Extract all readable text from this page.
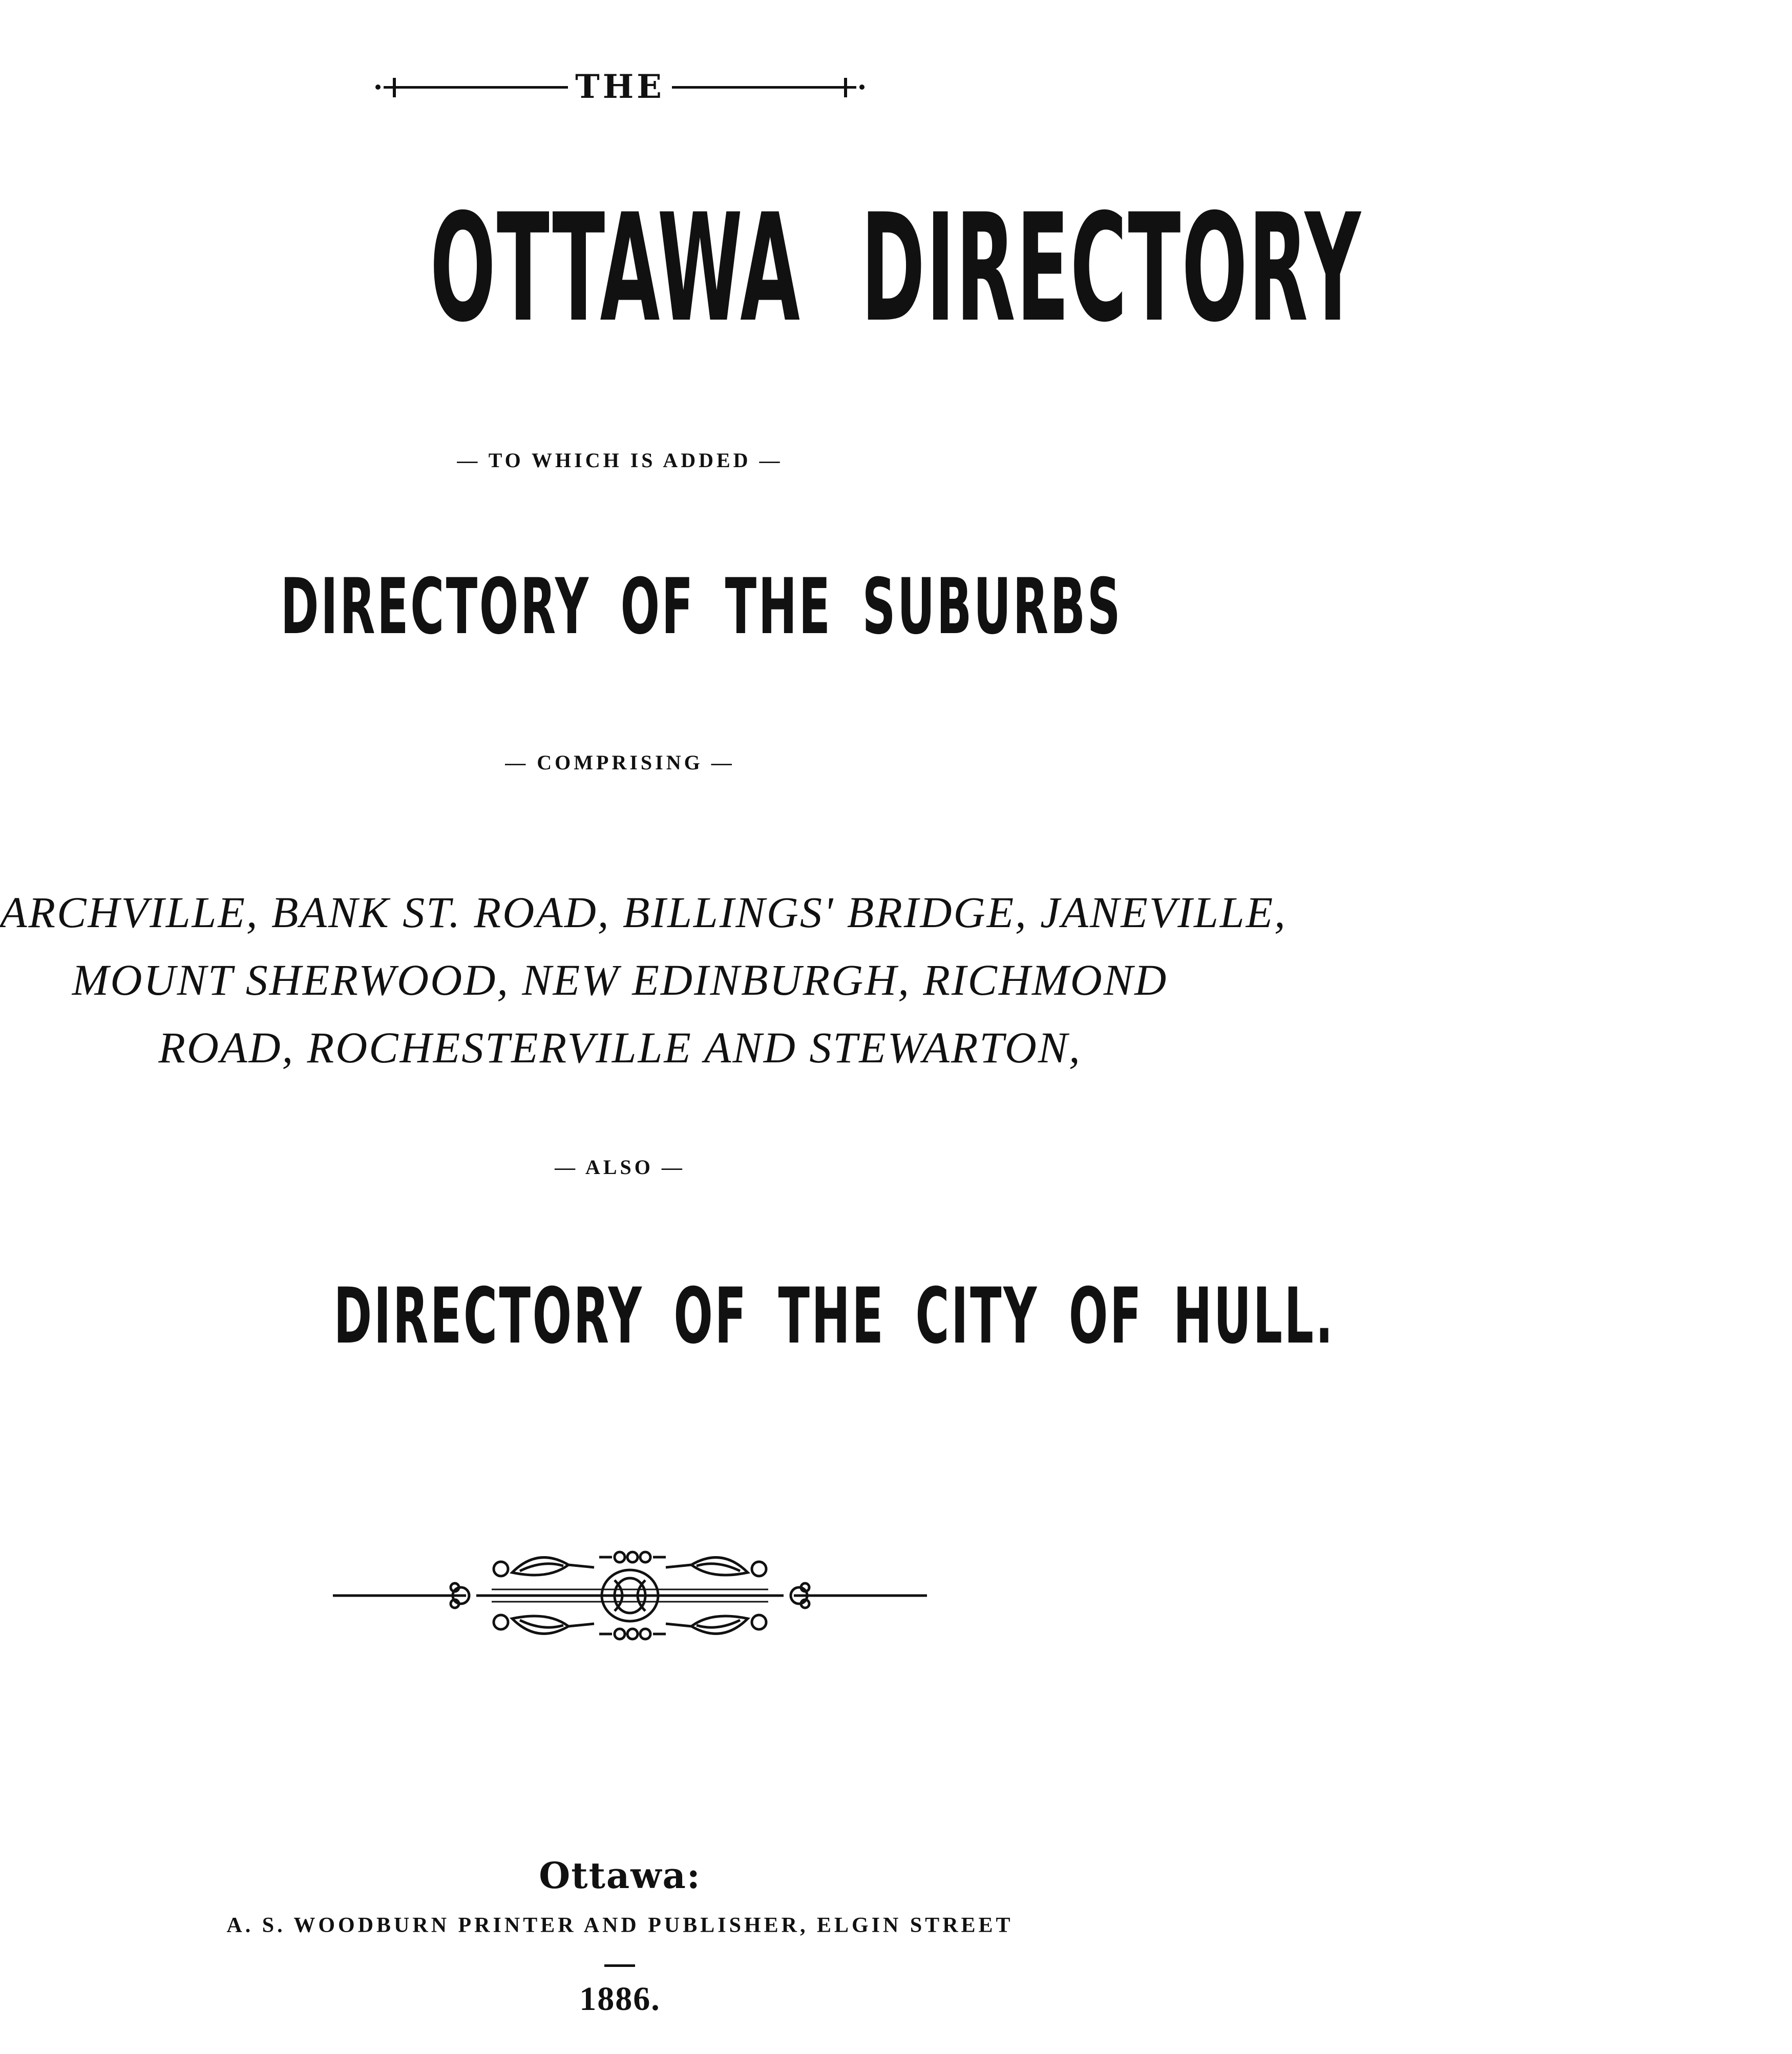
THE
OTTAWA DIRECTORY
— TO WHICH IS ADDED —
DIRECTORY OF THE SUBURBS
— COMPRISING —
ARCHVILLE, BANK ST. ROAD, BILLINGS' BRIDGE, JANEVILLE,
MOUNT SHERWOOD, NEW EDINBURGH, RICHMOND
ROAD, ROCHESTERVILLE AND STEWARTON,
— ALSO —
DIRECTORY OF THE CITY OF HULL.
Ottawa:
A. S. WOODBURN PRINTER AND PUBLISHER, ELGIN STREET
1886.
